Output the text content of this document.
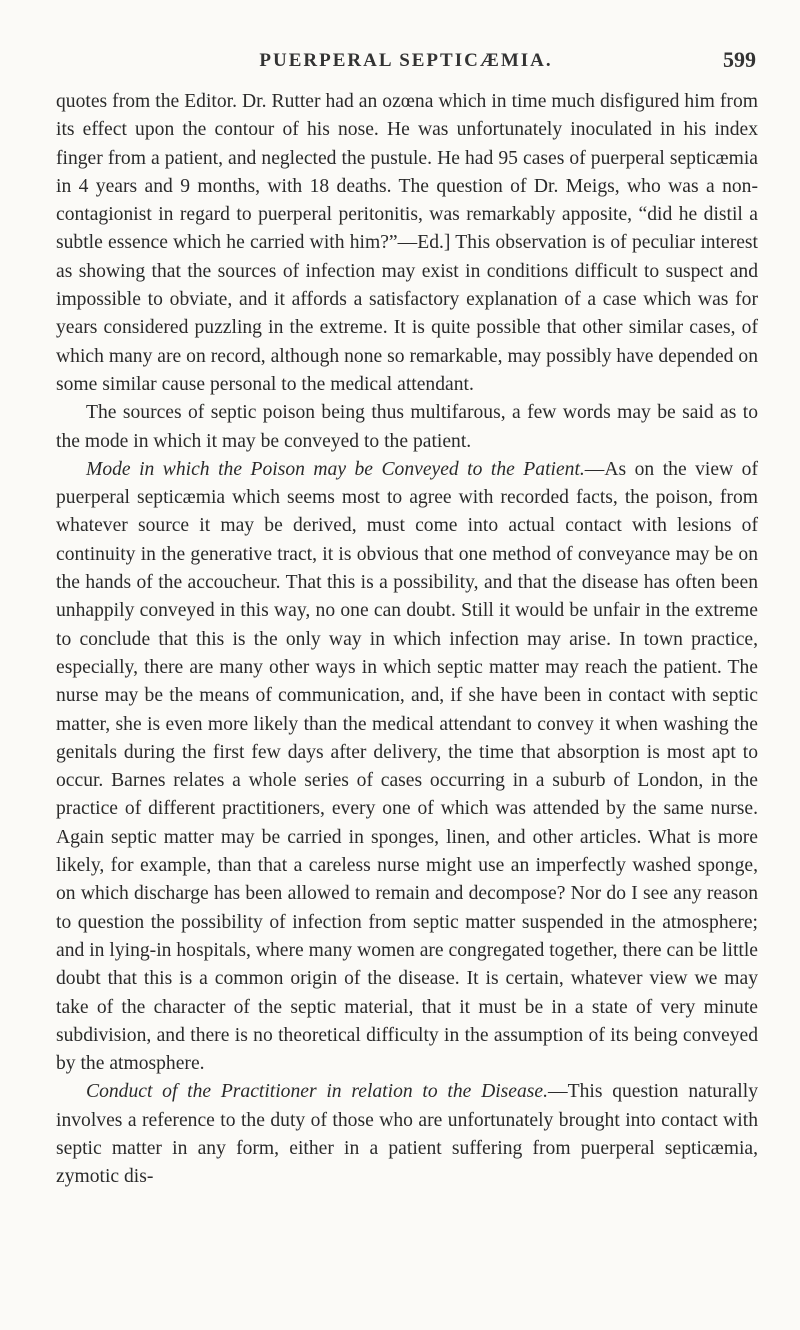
PUERPERAL SEPTICÆMIA.	599

quotes from the Editor. Dr. Rutter had an ozœna which in time much disfigured him from its effect upon the contour of his nose. He was unfortunately inoculated in his index finger from a patient, and neglected the pustule. He had 95 cases of puerperal septicæmia in 4 years and 9 months, with 18 deaths. The question of Dr. Meigs, who was a non-contagionist in regard to puerperal peritonitis, was remarkably apposite, “did he distil a subtle essence which he carried with him?”—Ed.] This observation is of peculiar interest as showing that the sources of infection may exist in conditions difficult to suspect and impossible to obviate, and it affords a satisfactory explanation of a case which was for years considered puzzling in the extreme. It is quite possible that other similar cases, of which many are on record, although none so remarkable, may possibly have depended on some similar cause personal to the medical attendant.

The sources of septic poison being thus multifarous, a few words may be said as to the mode in which it may be conveyed to the patient.

Mode in which the Poison may be Conveyed to the Patient.—As on the view of puerperal septicæmia which seems most to agree with recorded facts, the poison, from whatever source it may be derived, must come into actual contact with lesions of continuity in the generative tract, it is obvious that one method of conveyance may be on the hands of the accoucheur. That this is a possibility, and that the disease has often been unhappily conveyed in this way, no one can doubt. Still it would be unfair in the extreme to conclude that this is the only way in which infection may arise. In town practice, especially, there are many other ways in which septic matter may reach the patient. The nurse may be the means of communication, and, if she have been in contact with septic matter, she is even more likely than the medical attendant to convey it when washing the genitals during the first few days after delivery, the time that absorption is most apt to occur. Barnes relates a whole series of cases occurring in a suburb of London, in the practice of different practitioners, every one of which was attended by the same nurse. Again septic matter may be carried in sponges, linen, and other articles. What is more likely, for example, than that a careless nurse might use an imperfectly washed sponge, on which discharge has been allowed to remain and decompose? Nor do I see any reason to question the possibility of infection from septic matter suspended in the atmosphere; and in lying-in hospitals, where many women are congregated together, there can be little doubt that this is a common origin of the disease. It is certain, whatever view we may take of the character of the septic material, that it must be in a state of very minute subdivision, and there is no theoretical difficulty in the assumption of its being conveyed by the atmosphere.

Conduct of the Practitioner in relation to the Disease.—This question naturally involves a reference to the duty of those who are unfortunately brought into contact with septic matter in any form, either in a patient suffering from puerperal septicæmia, zymotic dis-
